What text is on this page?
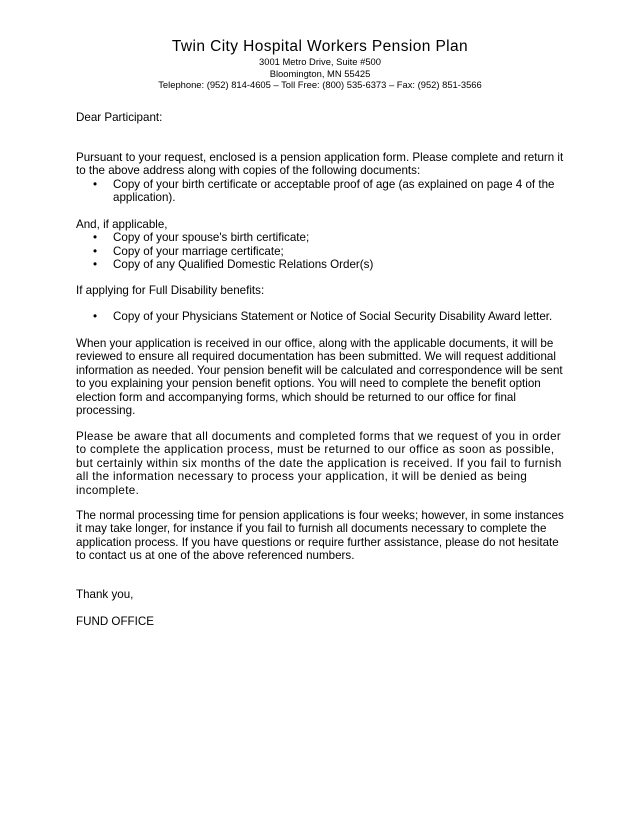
Twin City Hospital Workers Pension Plan
3001 Metro Drive, Suite #500
Bloomington, MN 55425
Telephone: (952) 814-4605 – Toll Free: (800) 535-6373 – Fax: (952) 851-3566

Dear Participant:

Pursuant to your request, enclosed is a pension application form. Please complete and return it to the above address along with copies of the following documents:

• Copy of your birth certificate or acceptable proof of age (as explained on page 4 of the application).

And, if applicable,

• Copy of your spouse's birth certificate;
• Copy of your marriage certificate;
• Copy of any Qualified Domestic Relations Order(s)

If applying for Full Disability benefits:

• Copy of your Physicians Statement or Notice of Social Security Disability Award letter.

When your application is received in our office, along with the applicable documents, it will be reviewed to ensure all required documentation has been submitted. We will request additional information as needed. Your pension benefit will be calculated and correspondence will be sent to you explaining your pension benefit options. You will need to complete the benefit option election form and accompanying forms, which should be returned to our office for final processing.

Please be aware that all documents and completed forms that we request of you in order to complete the application process, must be returned to our office as soon as possible, but certainly within six months of the date the application is received. If you fail to furnish all the information necessary to process your application, it will be denied as being incomplete.

The normal processing time for pension applications is four weeks; however, in some instances it may take longer, for instance if you fail to furnish all documents necessary to complete the application process. If you have questions or require further assistance, please do not hesitate to contact us at one of the above referenced numbers.

Thank you,

FUND OFFICE
